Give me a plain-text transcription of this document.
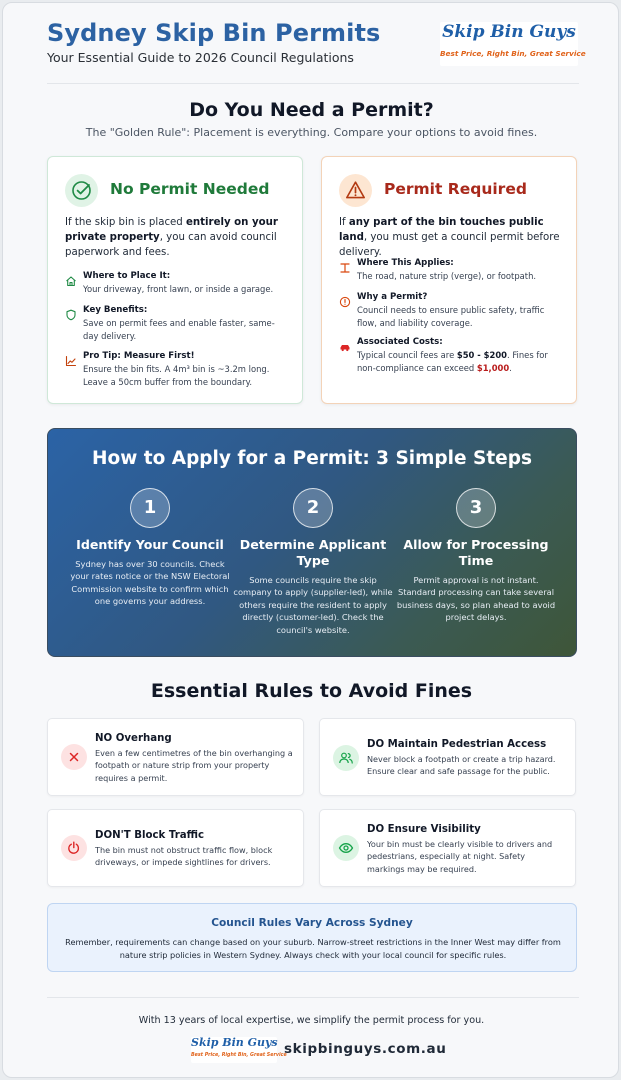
Sydney Skip Bin Permits
Your Essential Guide to 2026 Council Regulations
Skip Bin Guys
Best Price, Right Bin, Great Service
Do You Need a Permit?
The "Golden Rule": Placement is everything. Compare your options to avoid fines.
No Permit Needed
If the skip bin is placed entirely on your private property, you can avoid council paperwork and fees.
Where to Place It:
Your driveway, front lawn, or inside a garage.
Key Benefits:
Save on permit fees and enable faster, same-day delivery.
Pro Tip: Measure First!
Ensure the bin fits. A 4m³ bin is ~3.2m long. Leave a 50cm buffer from the boundary.
Permit Required
If any part of the bin touches public land, you must get a council permit before delivery.
Where This Applies:
The road, nature strip (verge), or footpath.
Why a Permit?
Council needs to ensure public safety, traffic flow, and liability coverage.
Associated Costs:
Typical council fees are $50 - $200. Fines for non-compliance can exceed $1,000.
How to Apply for a Permit: 3 Simple Steps
1
Identify Your Council
Sydney has over 30 councils. Check your rates notice or the NSW Electoral Commission website to confirm which one governs your address.
2
Determine Applicant Type
Some councils require the skip company to apply (supplier-led), while others require the resident to apply directly (customer-led). Check the council's website.
3
Allow for Processing Time
Permit approval is not instant. Standard processing can take several business days, so plan ahead to avoid project delays.
Essential Rules to Avoid Fines
NO Overhang
Even a few centimetres of the bin overhanging a footpath or nature strip from your property requires a permit.
DO Maintain Pedestrian Access
Never block a footpath or create a trip hazard. Ensure clear and safe passage for the public.
DON'T Block Traffic
The bin must not obstruct traffic flow, block driveways, or impede sightlines for drivers.
DO Ensure Visibility
Your bin must be clearly visible to drivers and pedestrians, especially at night. Safety markings may be required.
Council Rules Vary Across Sydney
Remember, requirements can change based on your suburb. Narrow-street restrictions in the Inner West may differ from nature strip policies in Western Sydney. Always check with your local council for specific rules.
With 13 years of local expertise, we simplify the permit process for you.
Skip Bin Guys
Best Price, Right Bin, Great Service
skipbinguys.com.au
